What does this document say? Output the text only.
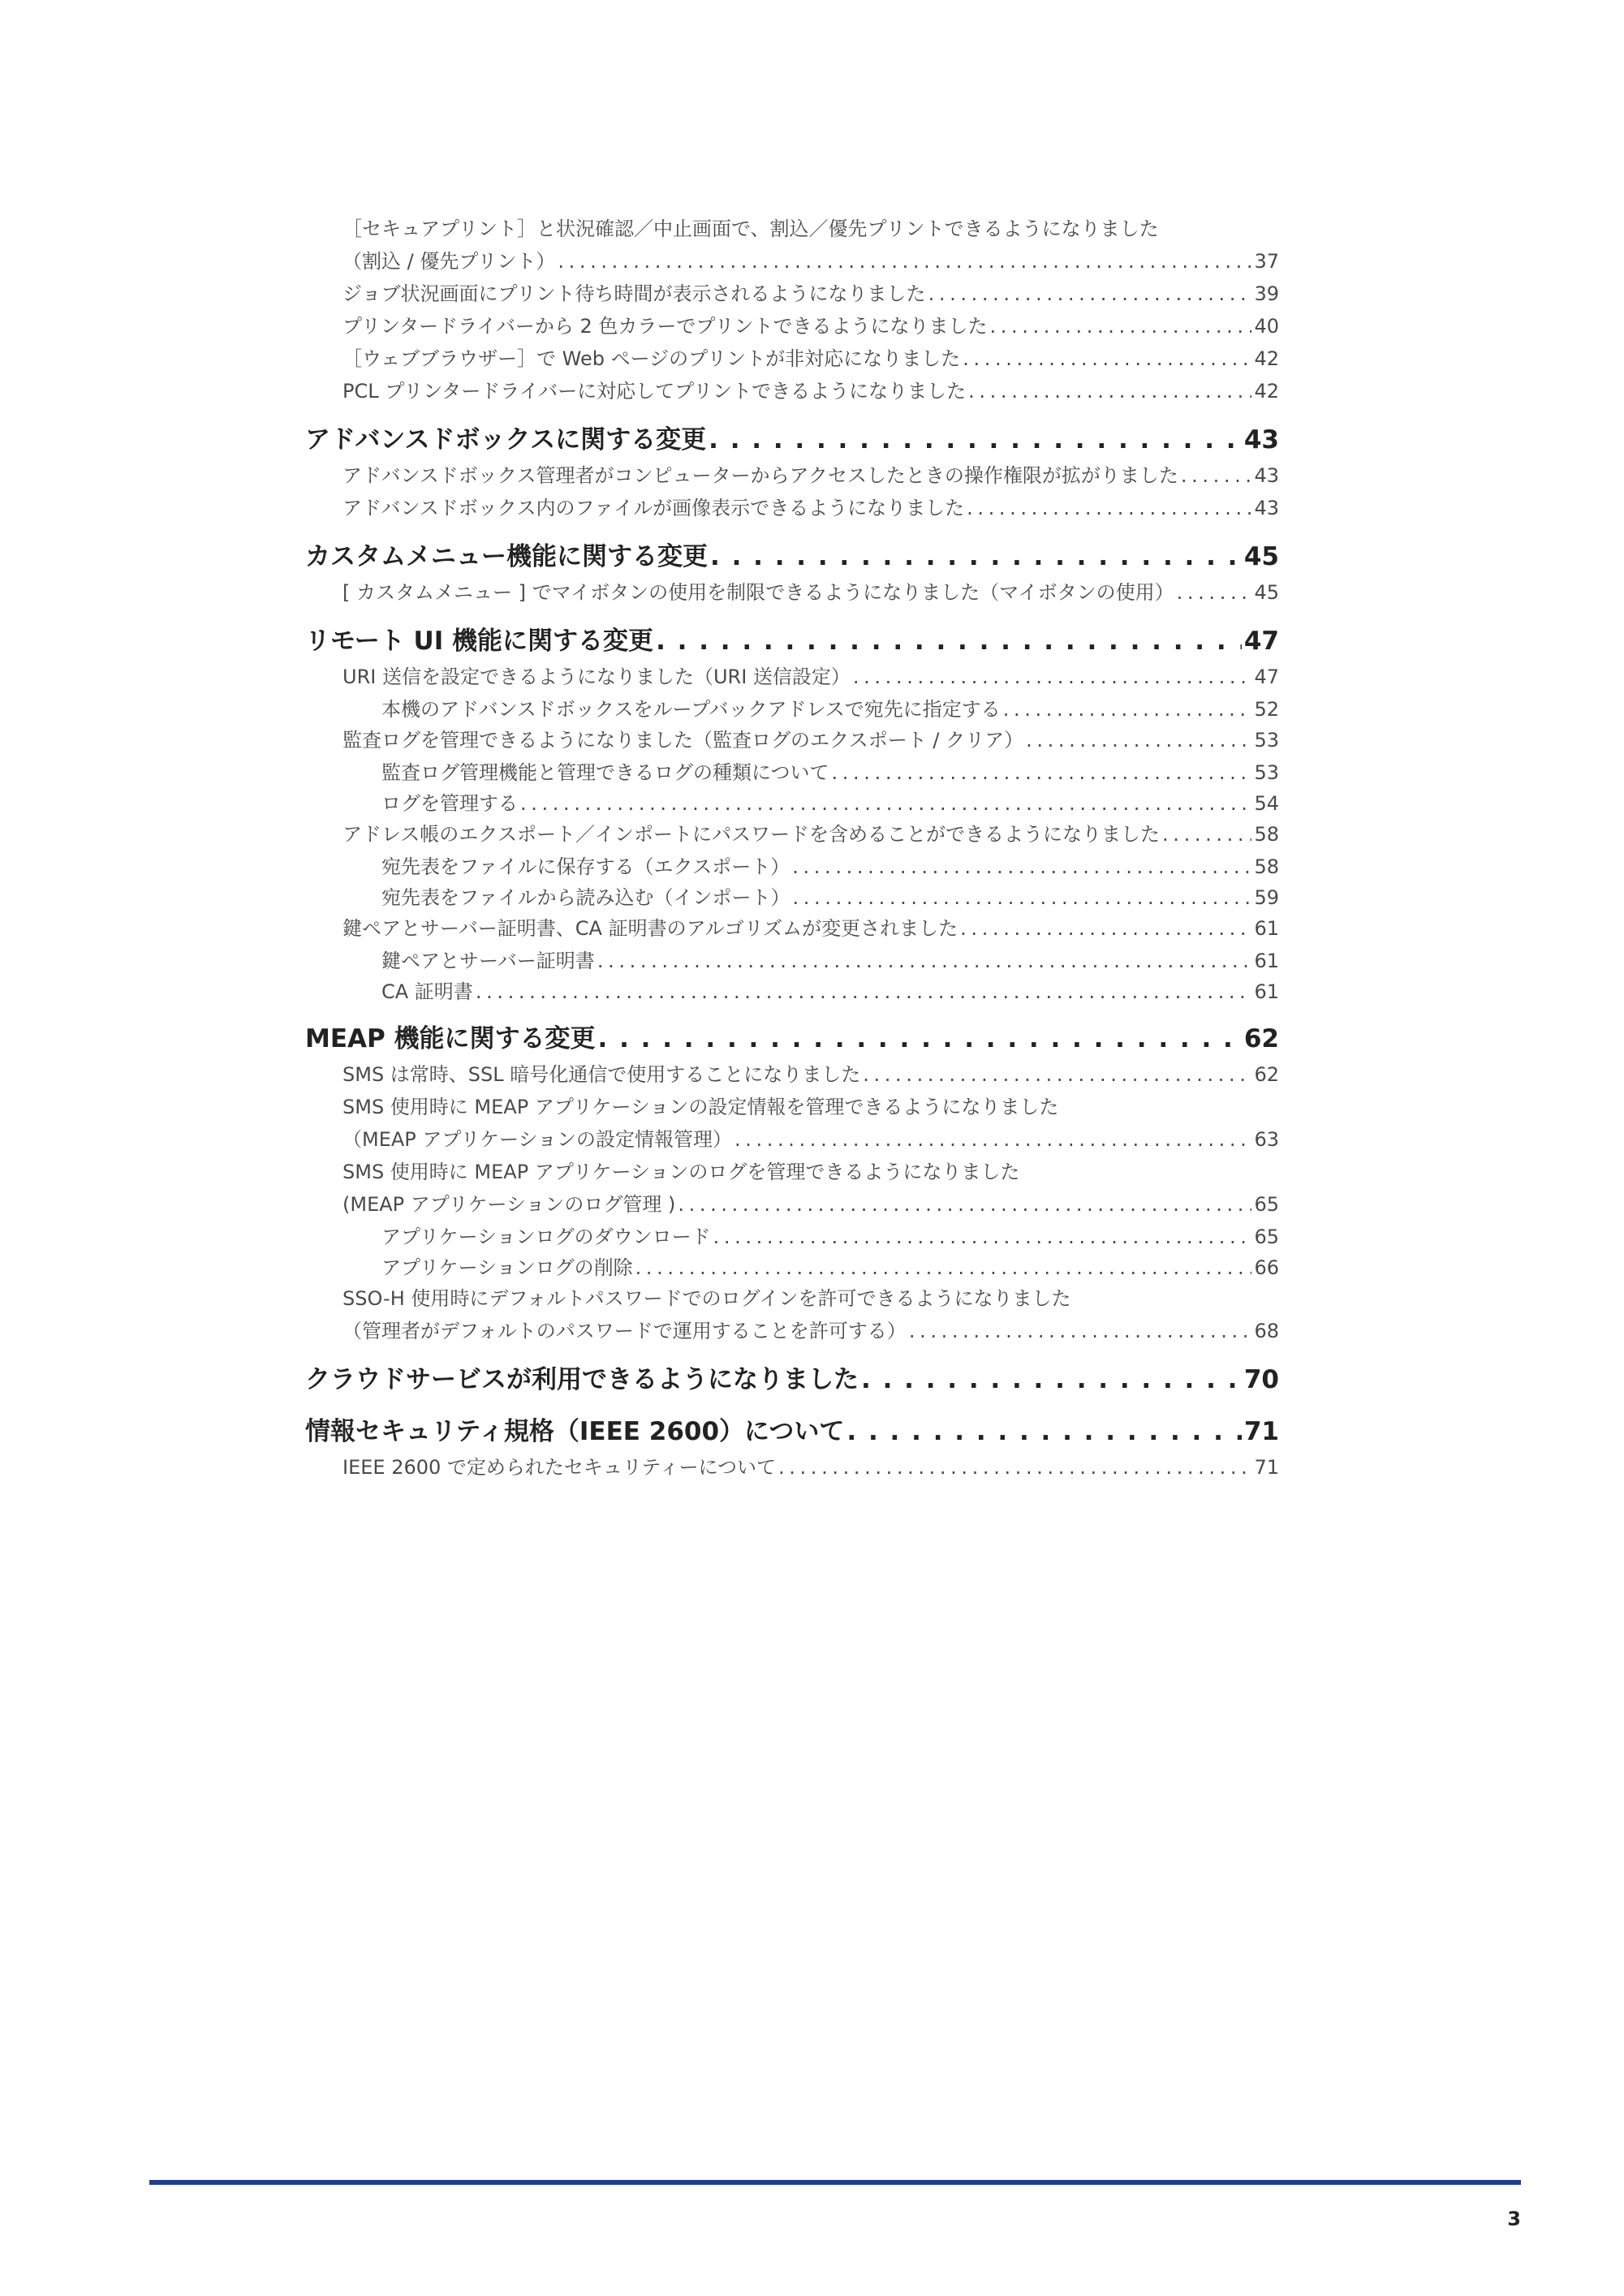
［セキュアプリント］と状況確認／中止画面で、割込／優先プリントできるようになりました
（割込 / 優先プリント） . . .	37
ジョブ状況画面にプリント待ち時間が表示されるようになりました . . .	39
プリンタードライバーから 2 色カラーでプリントできるようになりました . . .	40
［ウェブブラウザー］で Web ページのプリントが非対応になりました . . .	42
PCL プリンタードライバーに対応してプリントできるようになりました . . .	42
アドバンスドボックスに関する変更 . . .	43
アドバンスドボックス管理者がコンピューターからアクセスしたときの操作権限が拡がりました . . .	43
アドバンスドボックス内のファイルが画像表示できるようになりました . . .	43
カスタムメニュー機能に関する変更 . . .	45
[ カスタムメニュー ] でマイボタンの使用を制限できるようになりました（マイボタンの使用） . . .	45
リモート UI 機能に関する変更 . . .	47
URI 送信を設定できるようになりました（URI 送信設定） . . .	47
本機のアドバンスドボックスをループバックアドレスで宛先に指定する . . .	52
監査ログを管理できるようになりました（監査ログのエクスポート / クリア） . . .	53
監査ログ管理機能と管理できるログの種類について . . .	53
ログを管理する . . .	54
アドレス帳のエクスポート／インポートにパスワードを含めることができるようになりました . . .	58
宛先表をファイルに保存する（エクスポート） . . .	58
宛先表をファイルから読み込む（インポート） . . .	59
鍵ペアとサーバー証明書、CA 証明書のアルゴリズムが変更されました . . .	61
鍵ペアとサーバー証明書 . . .	61
CA 証明書 . . .	61
MEAP 機能に関する変更 . . .	62
SMS は常時、SSL 暗号化通信で使用することになりました . . .	62
SMS 使用時に MEAP アプリケーションの設定情報を管理できるようになりました
（MEAP アプリケーションの設定情報管理） . . .	63
SMS 使用時に MEAP アプリケーションのログを管理できるようになりました
(MEAP アプリケーションのログ管理 ) . . .	65
アプリケーションログのダウンロード . . .	65
アプリケーションログの削除 . . .	66
SSO-H 使用時にデフォルトパスワードでのログインを許可できるようになりました
（管理者がデフォルトのパスワードで運用することを許可する） . . .	68
クラウドサービスが利用できるようになりました . . .	70
情報セキュリティ規格（IEEE 2600）について . . .	71
IEEE 2600 で定められたセキュリティーについて . . .	71
3
